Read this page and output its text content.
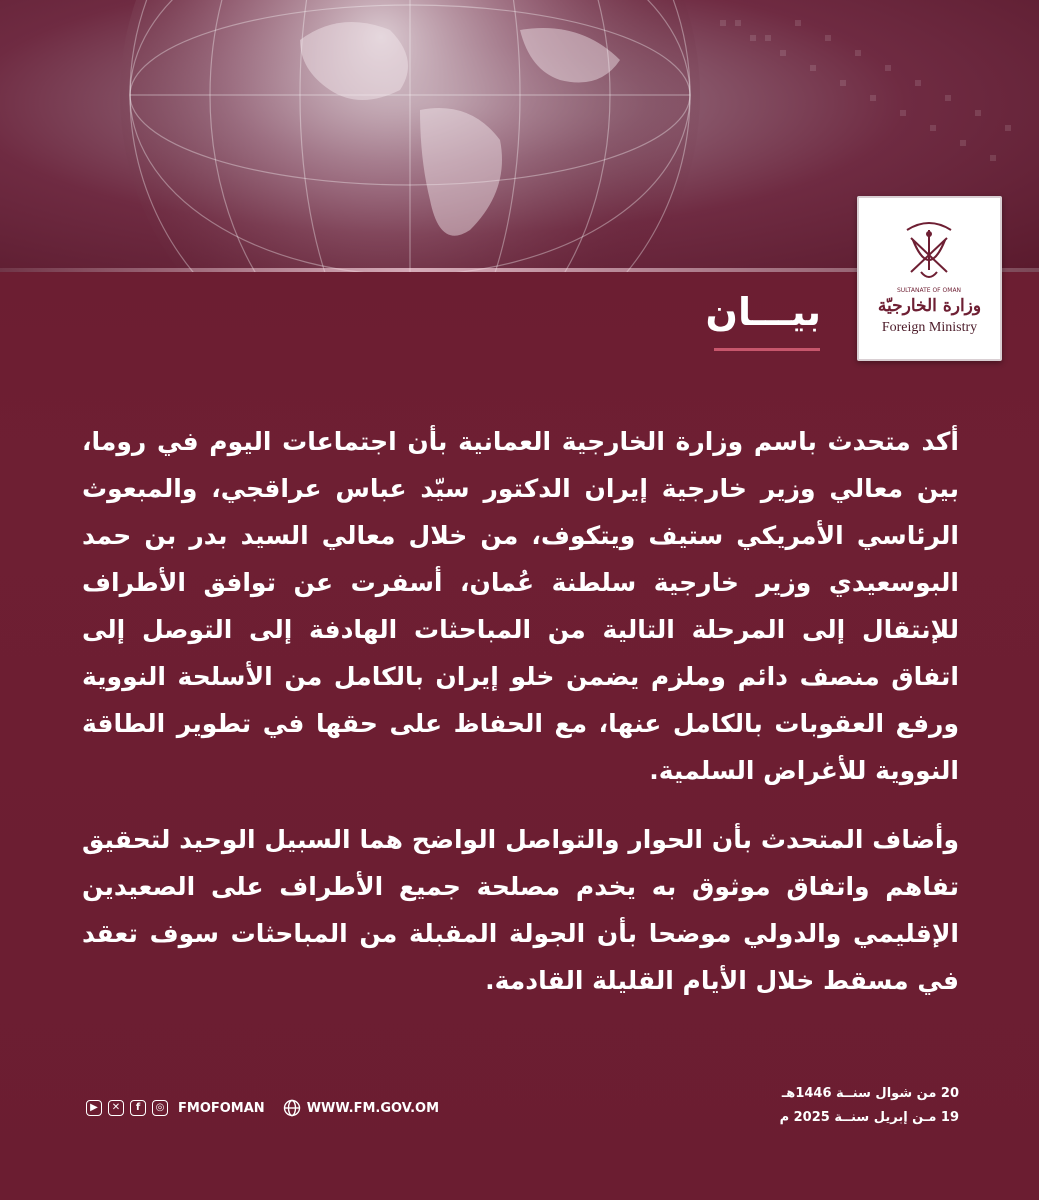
SULTANATE OF OMAN
وزارة الخارجيّة
Foreign Ministry
بيـــان

أكد متحدث باسم وزارة الخارجية العمانية بأن اجتماعات اليوم في روما، بين معالي وزير خارجية إيران الدكتور سيّد عباس عراقجي، والمبعوث الرئاسي الأمريكي ستيف ويتكوف، من خلال معالي السيد بدر بن حمد البوسعيدي وزير خارجية سلطنة عُمان، أسفرت عن توافق الأطراف للإنتقال إلى المرحلة التالية من المباحثات الهادفة إلى التوصل إلى اتفاق منصف دائم وملزم يضمن خلو إيران بالكامل من الأسلحة النووية ورفع العقوبات بالكامل عنها، مع الحفاظ على حقها في تطوير الطاقة النووية للأغراض السلمية.

وأضاف المتحدث بأن الحوار والتواصل الواضح هما السبيل الوحيد لتحقيق تفاهم واتفاق موثوق به يخدم مصلحة جميع الأطراف على الصعيدين الإقليمي والدولي موضحا بأن الجولة المقبلة من المباحثات سوف تعقد في مسقط خلال الأيام القليلة القادمة.

▶	✕	f	◎ FMOFOMAN	WWW.FM.GOV.OM
20 من شوال سنــة 1446هـ
19 مـن إبريل سنــة 2025 م
